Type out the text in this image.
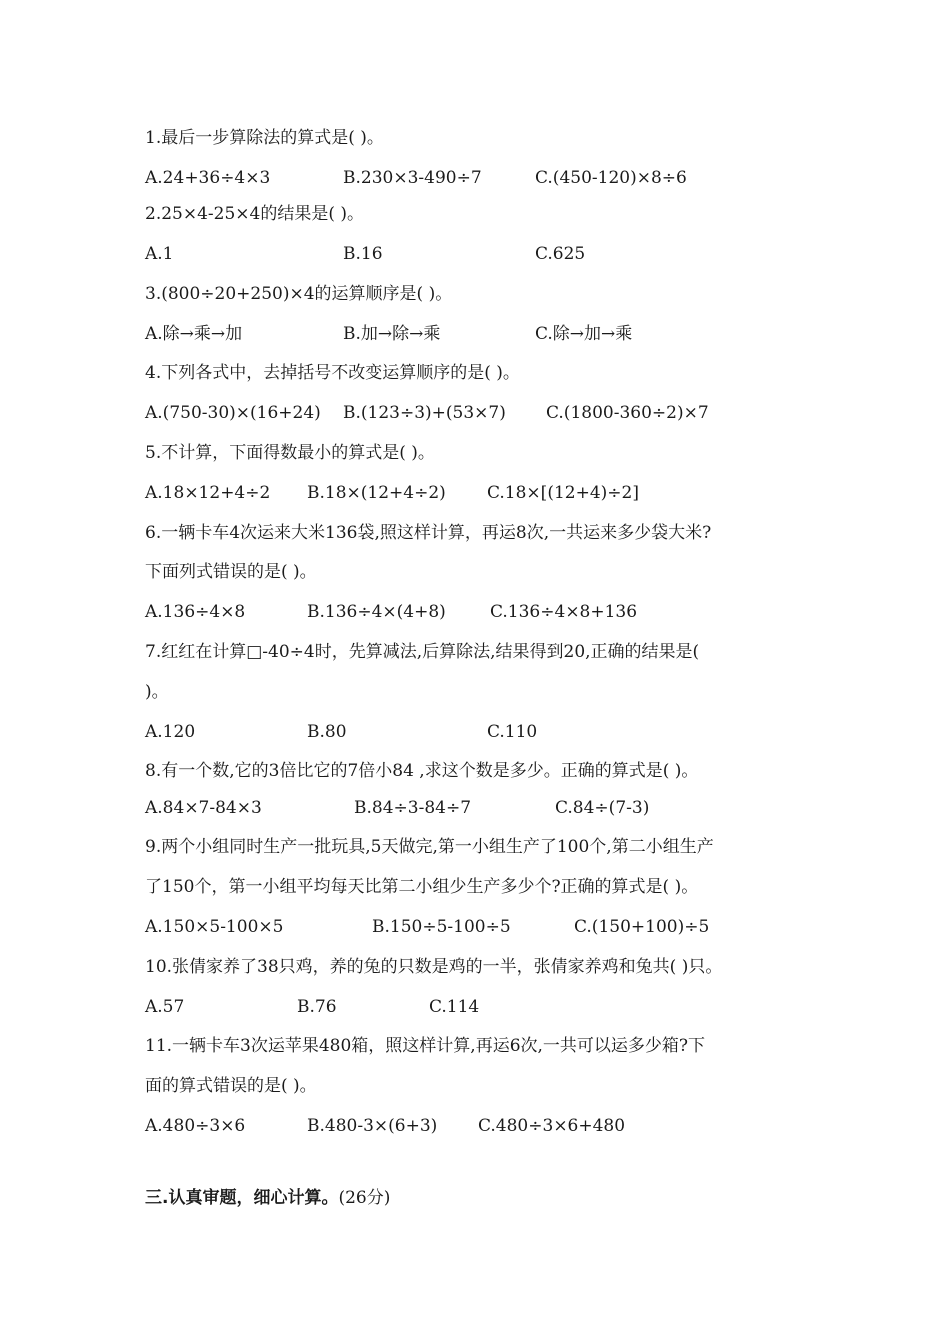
1.最后一步算除法的算式是( )。
A.24+36÷4×3	B.230×3-490÷7	C.(450-120)×8÷6
2.25×4-25×4的结果是( )。
A.1	B.16	C.625
3.(800÷20+250)×4的运算顺序是( )。
A.除→乘→加	B.加→除→乘	C.除→加→乘
4.下列各式中，去掉括号不改变运算顺序的是( )。
A.(750-30)×(16+24) B.(123÷3)+(53×7) C.(1800-360÷2)×7
5.不计算，下面得数最小的算式是( )。
A.18×12+4÷2 B.18×(12+4÷2) C.18×[(12+4)÷2]
6.一辆卡车4次运来大米136袋,照这样计算，再运8次,一共运来多少袋大米?
下面列式错误的是( )。
A.136÷4×8	B.136÷4×(4+8)	C.136÷4×8+136
7.红红在计算□-40÷4时，先算减法,后算除法,结果得到20,正确的结果是(
)。
A.120	B.80	C.110
8.有一个数,它的3倍比它的7倍小84 ,求这个数是多少。正确的算式是( )。
A.84×7-84×3	B.84÷3-84÷7	C.84÷(7-3)
9.两个小组同时生产一批玩具,5天做完,第一小组生产了100个,第二小组生产
了150个，第一小组平均每天比第二小组少生产多少个?正确的算式是( )。
A.150×5-100×5	B.150÷5-100÷5	C.(150+100)÷5
10.张倩家养了38只鸡，养的兔的只数是鸡的一半，张倩家养鸡和兔共( )只。
A.57	B.76	C.114
11.一辆卡车3次运苹果480箱，照这样计算,再运6次,一共可以运多少箱?下
面的算式错误的是( )。
A.480÷3×6	B.480-3×(6+3) C.480÷3×6+480
三.认真审题，细心计算。(26分)
